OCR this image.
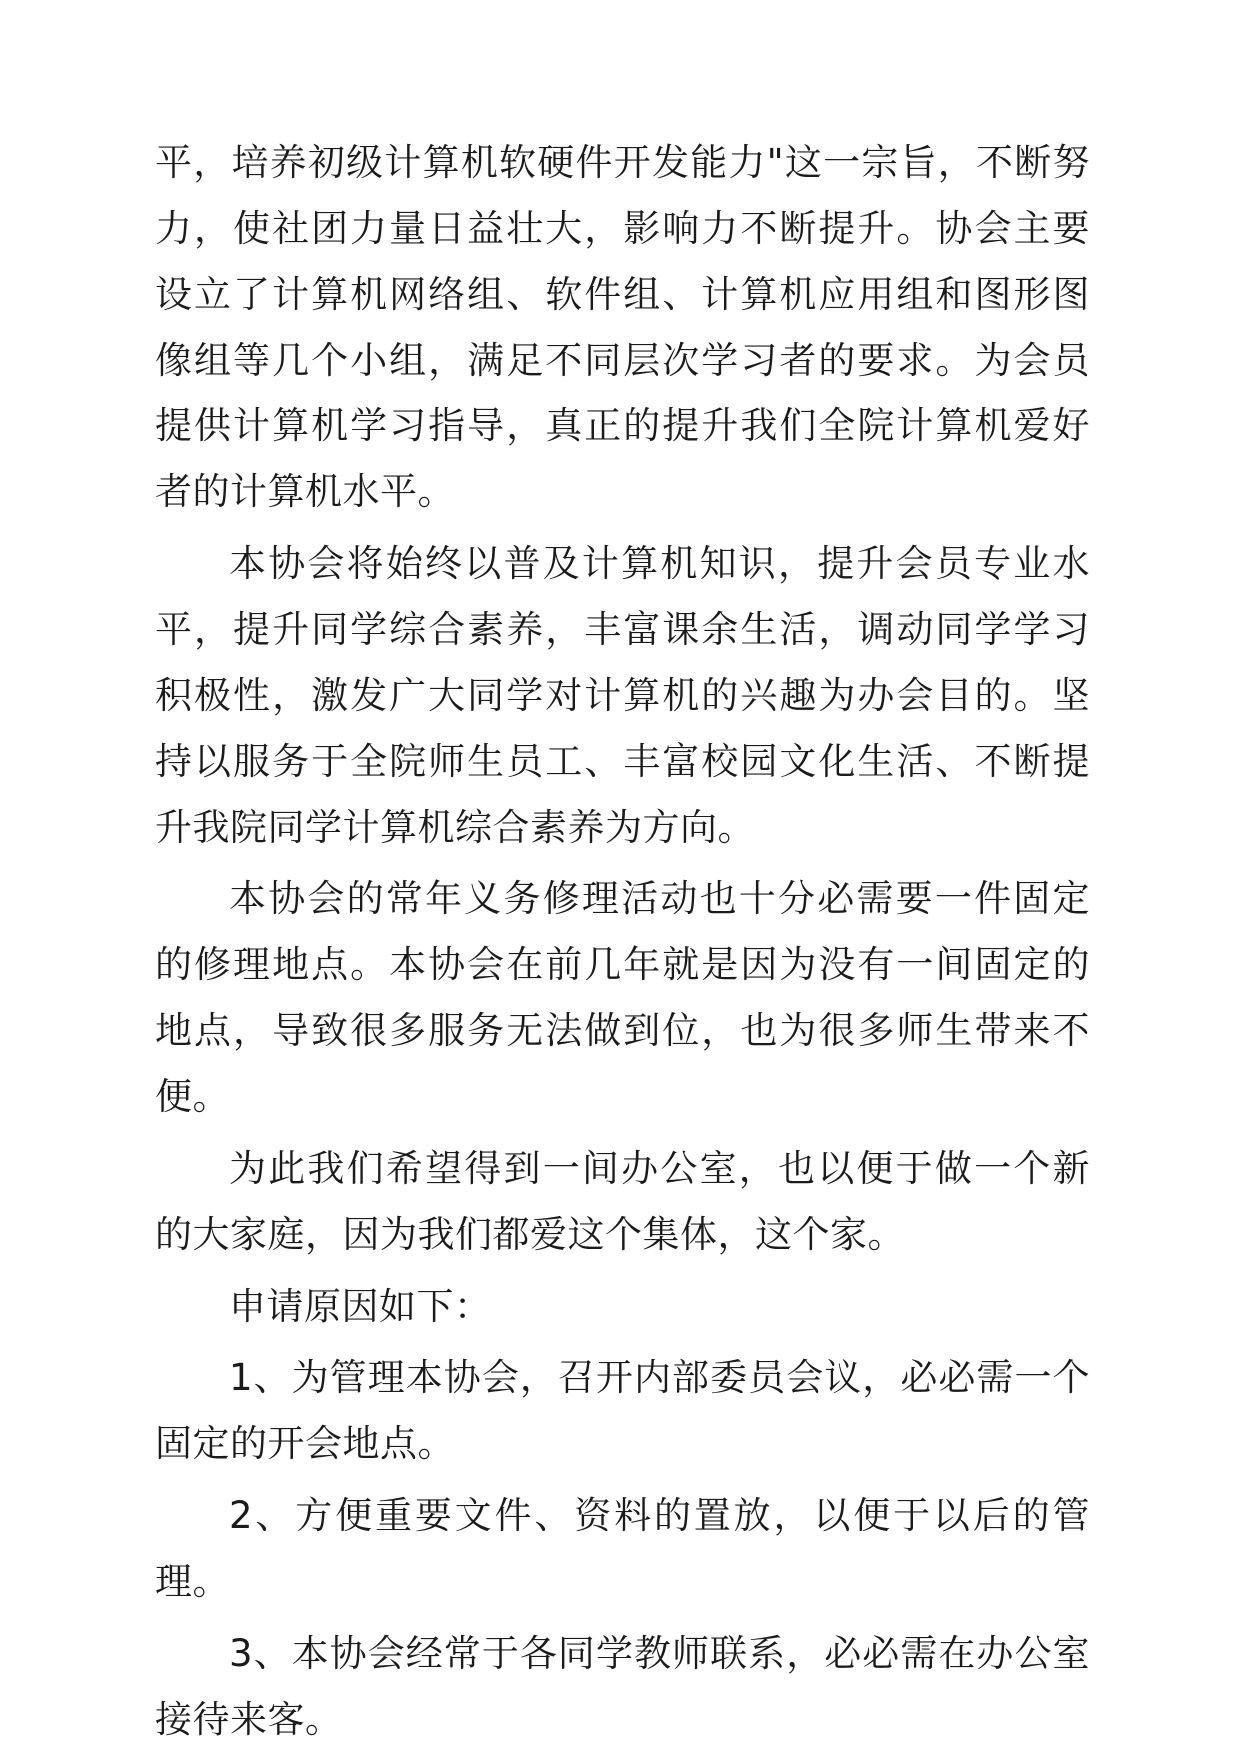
平，培养初级计算机软硬件开发能力"这一宗旨，不断努力，使社团力量日益壮大，影响力不断提升。协会主要设立了计算机网络组、软件组、计算机应用组和图形图像组等几个小组，满足不同层次学习者的要求。为会员提供计算机学习指导，真正的提升我们全院计算机爱好者的计算机水平。

本协会将始终以普及计算机知识，提升会员专业水平，提升同学综合素养，丰富课余生活，调动同学学习积极性，激发广大同学对计算机的兴趣为办会目的。坚持以服务于全院师生员工、丰富校园文化生活、不断提升我院同学计算机综合素养为方向。

本协会的常年义务修理活动也十分必需要一件固定的修理地点。本协会在前几年就是因为没有一间固定的地点，导致很多服务无法做到位，也为很多师生带来不便。

为此我们希望得到一间办公室，也以便于做一个新的大家庭，因为我们都爱这个集体，这个家。

申请原因如下：

1、为管理本协会，召开内部委员会议，必必需一个固定的开会地点。

2、方便重要文件、资料的置放，以便于以后的管理。

3、本协会经常于各同学教师联系，必必需在办公室接待来客。
